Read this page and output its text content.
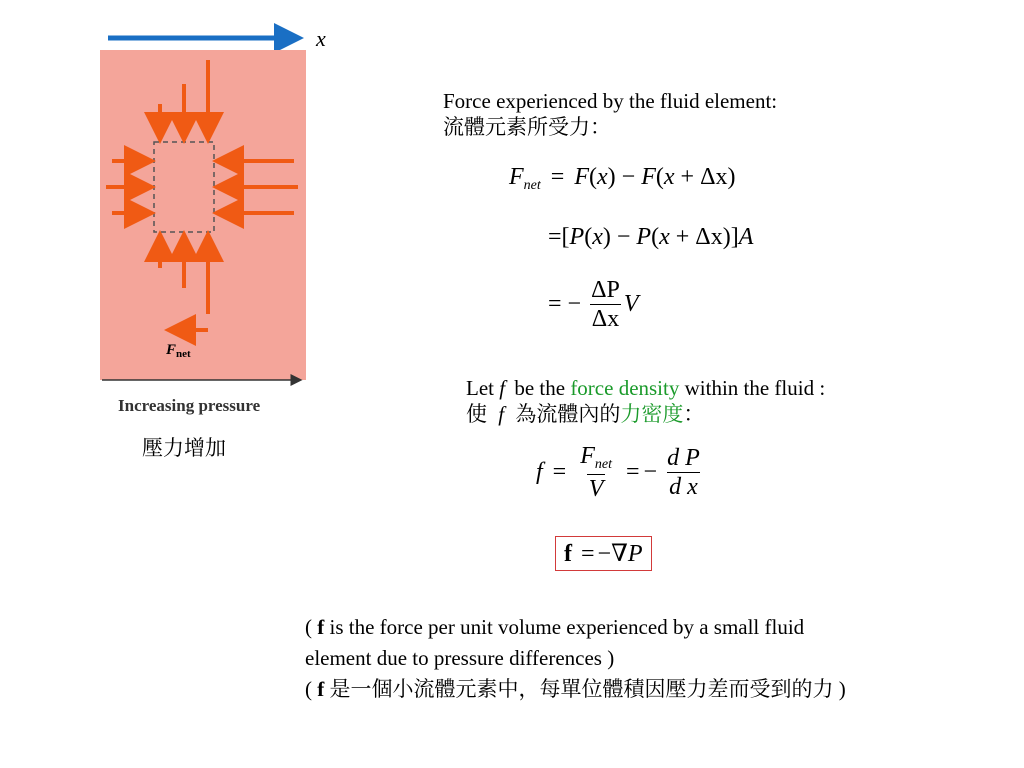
x
$F_{net}$
Increasing pressure
壓力增加
Force experienced by the fluid element:
流體元素所受力：
$F_{net} = F(x) - F(x + \Delta x)$
=[P(x) − P(x + Δx)]A
= − $\frac{\Delta P}{\Delta x}$ V
Let f be the force density within the fluid :
使 f 為流體內的力密度：
$f = \frac{F_{net}}{V}$ = − $\frac{\text{d P}}{\text{d x}}$
f = −∇P
( f is the force per unit volume experienced by a small fluid
element due to pressure differences )
( f 是一個小流體元素中，每單位體積因壓力差而受到的力 )
